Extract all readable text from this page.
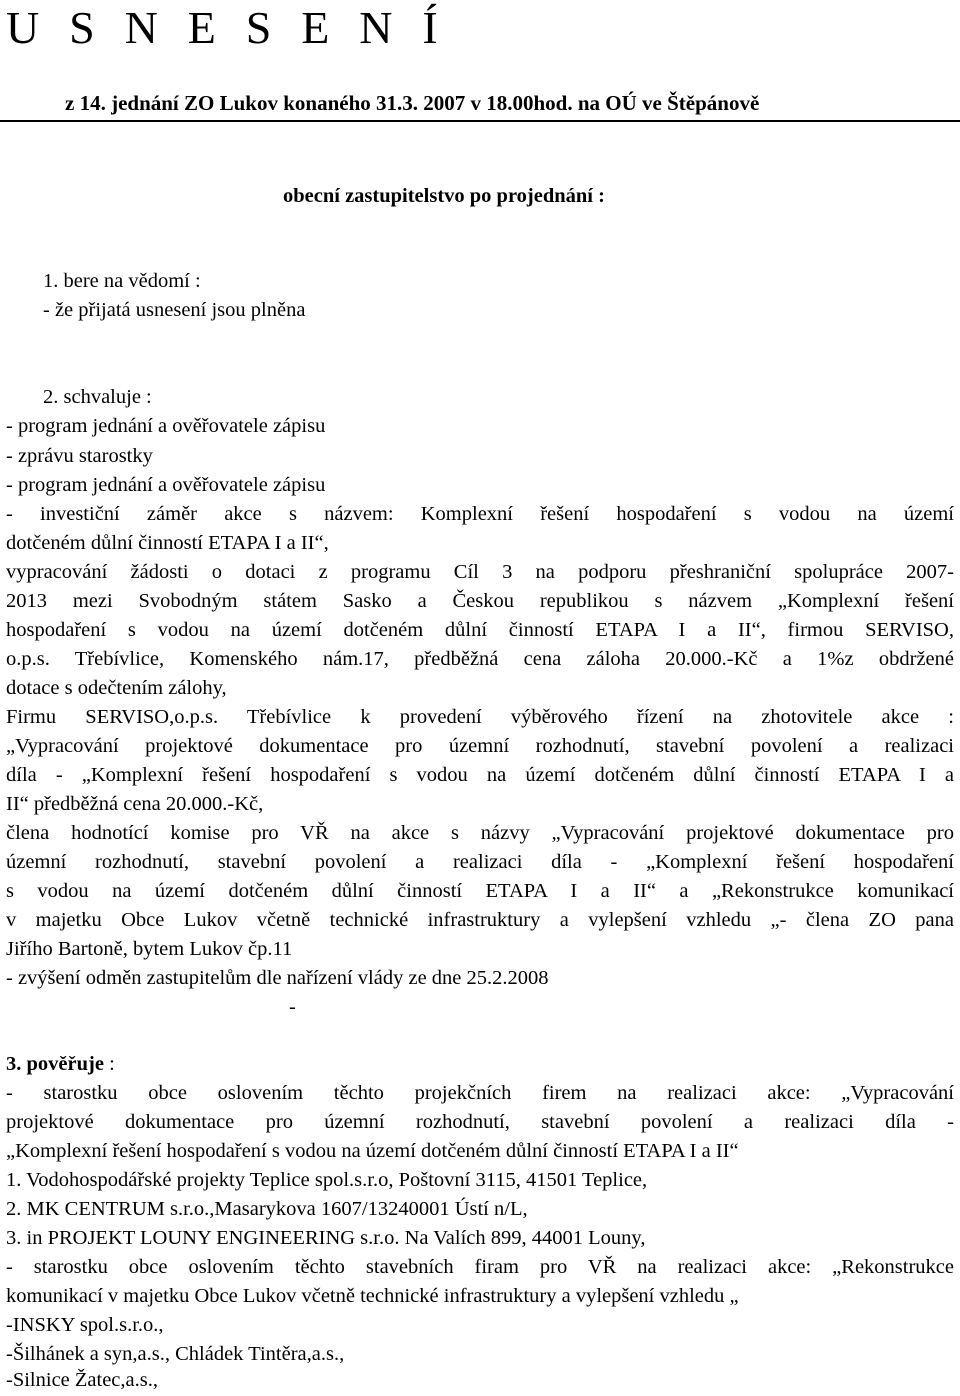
U S N E S E N Í
z 14. jednání ZO Lukov konaného 31.3. 2007 v 18.00hod. na OÚ ve Štěpánově
obecní zastupitelstvo po projednání :
1. bere na vědomí :
- že přijatá usnesení jsou plněna
2. schvaluje :
- program jednání a ověřovatele zápisu
- zprávu starostky
- program jednání a ověřovatele zápisu
- investiční záměr akce s názvem: Komplexní řešení hospodaření s vodou na území
dotčeném důlní činností ETAPA I a II“,
vypracování žádosti o dotaci z programu Cíl 3 na podporu přeshraniční spolupráce 2007-
2013 mezi Svobodným státem Sasko a Českou republikou s názvem „Komplexní řešení
hospodaření s vodou na území dotčeném důlní činností ETAPA I a II“, firmou SERVISO,
o.p.s. Třebívlice, Komenského nám.17, předběžná cena záloha 20.000.-Kč a 1%z obdržené
dotace s odečtením zálohy,
Firmu SERVISO,o.p.s. Třebívlice k provedení výběrového řízení na zhotovitele akce :
„Vypracování projektové dokumentace pro územní rozhodnutí, stavební povolení a realizaci
díla - „Komplexní řešení hospodaření s vodou na území dotčeném důlní činností ETAPA I a
II“ předběžná cena 20.000.-Kč,
člena hodnotící komise pro VŘ na akce s názvy „Vypracování projektové dokumentace pro
územní rozhodnutí, stavební povolení a realizaci díla - „Komplexní řešení hospodaření
s vodou na území dotčeném důlní činností ETAPA I a II“ a „Rekonstrukce komunikací
v majetku Obce Lukov včetně technické infrastruktury a vylepšení vzhledu „- člena ZO pana
Jiřího Bartoně, bytem Lukov čp.11
- zvýšení odměn zastupitelům dle nařízení vlády ze dne 25.2.2008
-
3. pověřuje :
- starostku obce oslovením těchto projekčních firem na realizaci akce: „Vypracování
projektové dokumentace pro územní rozhodnutí, stavební povolení a realizaci díla -
„Komplexní řešení hospodaření s vodou na území dotčeném důlní činností ETAPA I a II“
1. Vodohospodářské projekty Teplice spol.s.r.o, Poštovní 3115, 41501 Teplice,
2. MK CENTRUM s.r.o.,Masarykova 1607/13240001 Ústí n/L,
3. in PROJEKT LOUNY ENGINEERING s.r.o. Na Valích 899, 44001 Louny,
- starostku obce oslovením těchto stavebních firam pro VŘ na realizaci akce: „Rekonstrukce
komunikací v majetku Obce Lukov včetně technické infrastruktury a vylepšení vzhledu „
-INSKY spol.s.r.o.,
-Šilhánek a syn,a.s., Chládek Tintěra,a.s.,
-Silnice Žatec,a.s.,
